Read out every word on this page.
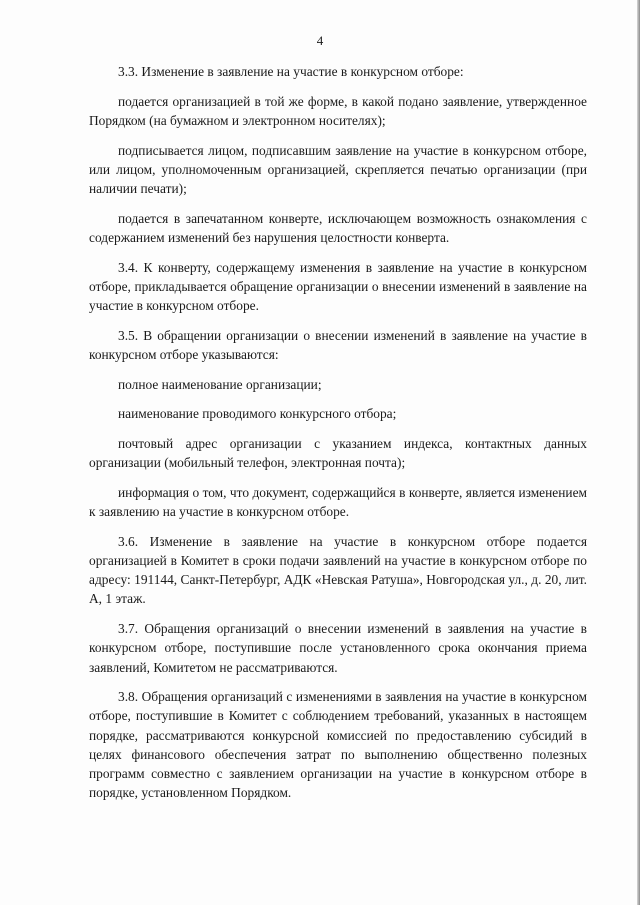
4

3.3. Изменение в заявление на участие в конкурсном отборе:

подается организацией в той же форме, в какой подано заявление, утвержденное Порядком (на бумажном и электронном носителях);

подписывается лицом, подписавшим заявление на участие в конкурсном отборе, или лицом, уполномоченным организацией, скрепляется печатью организации (при наличии печати);

подается в запечатанном конверте, исключающем возможность ознакомления с содержанием изменений без нарушения целостности конверта.

3.4. К конверту, содержащему изменения в заявление на участие в конкурсном отборе, прикладывается обращение организации о внесении изменений в заявление на участие в конкурсном отборе.

3.5. В обращении организации о внесении изменений в заявление на участие в конкурсном отборе указываются:

полное наименование организации;

наименование проводимого конкурсного отбора;

почтовый адрес организации с указанием индекса, контактных данных организации (мобильный телефон, электронная почта);

информация о том, что документ, содержащийся в конверте, является изменением к заявлению на участие в конкурсном отборе.

3.6. Изменение в заявление на участие в конкурсном отборе подается организацией в Комитет в сроки подачи заявлений на участие в конкурсном отборе по адресу: 191144, Санкт-Петербург, АДК «Невская Ратуша», Новгородская ул., д. 20, лит. А, 1 этаж.

3.7. Обращения организаций о внесении изменений в заявления на участие в конкурсном отборе, поступившие после установленного срока окончания приема заявлений, Комитетом не рассматриваются.

3.8. Обращения организаций с изменениями в заявления на участие в конкурсном отборе, поступившие в Комитет с соблюдением требований, указанных в настоящем порядке, рассматриваются конкурсной комиссией по предоставлению субсидий в целях финансового обеспечения затрат по выполнению общественно полезных программ совместно с заявлением организации на участие в конкурсном отборе в порядке, установленном Порядком.
